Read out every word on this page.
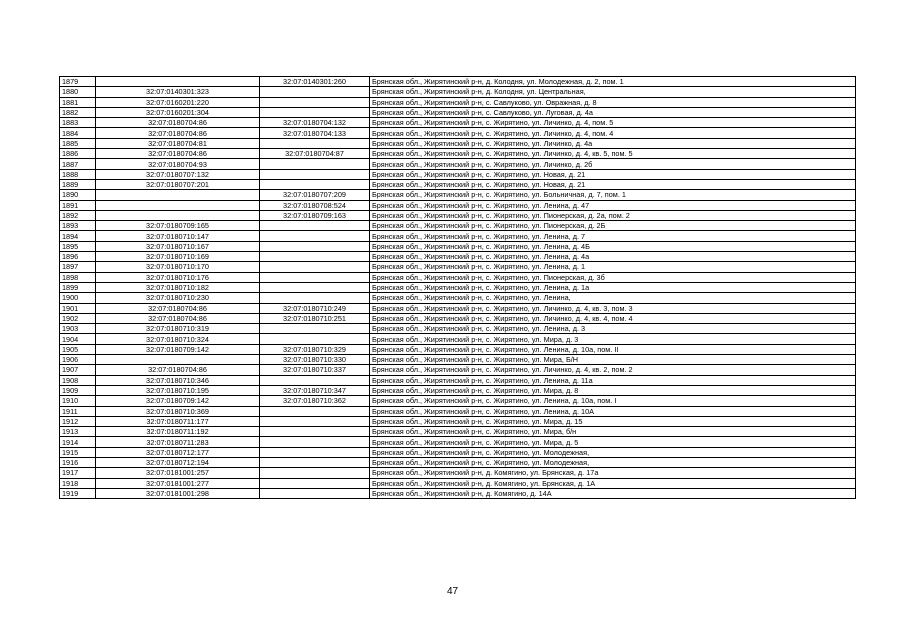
1879		32:07:0140301:260	Брянская обл., Жирятинский р-н, д. Колодня, ул. Молодежная, д. 2, пом. 1
1880	32:07:0140301:323		Брянская обл., Жирятинский р-н, д. Колодня, ул. Центральная,
1881	32:07:0160201:220		Брянская обл., Жирятинский р-н, с. Савлуково, ул. Овражная, д. 8
1882	32:07:0160201:304		Брянская обл., Жирятинский р-н, с. Савлуково, ул. Луговая, д. 4а
1883	32:07:0180704:86	32:07:0180704:132	Брянская обл., Жирятинский р-н, с. Жирятино, ул. Личинко, д. 4, пом. 5
1884	32:07:0180704:86	32:07:0180704:133	Брянская обл., Жирятинский р-н, с. Жирятино, ул. Личинко, д. 4, пом. 4
1885	32:07:0180704:81		Брянская обл., Жирятинский р-н, с. Жирятино, ул. Личинко, д. 4а
1886	32:07:0180704:86	32:07:0180704:87	Брянская обл., Жирятинский р-н, с. Жирятино, ул. Личинко, д. 4, кв. 5, пом. 5
1887	32:07:0180704:93		Брянская обл., Жирятинский р-н, с. Жирятино, ул. Личинко, д. 2б
1888	32:07:0180707:132		Брянская обл., Жирятинский р-н, с. Жирятино, ул. Новая, д. 21
1889	32:07:0180707:201		Брянская обл., Жирятинский р-н, с. Жирятино, ул. Новая, д. 21
1890		32:07:0180707:209	Брянская обл., Жирятинский р-н, с. Жирятино, ул. Больничная, д. 7, пом. 1
1891		32:07:0180708:524	Брянская обл., Жирятинский р-н, с. Жирятино, ул. Ленина, д. 47
1892		32:07:0180709:163	Брянская обл., Жирятинский р-н, с. Жирятино, ул. Пионерская, д. 2а, пом. 2
1893	32:07:0180709:165		Брянская обл., Жирятинский р-н, с. Жирятино, ул. Пионерская, д. 2Б
1894	32:07:0180710:147		Брянская обл., Жирятинский р-н, с. Жирятино, ул. Ленина, д. 7
1895	32:07:0180710:167		Брянская обл., Жирятинский р-н, с. Жирятино, ул. Ленина, д. 4Б
1896	32:07:0180710:169		Брянская обл., Жирятинский р-н, с. Жирятино, ул. Ленина, д. 4а
1897	32:07:0180710:170		Брянская обл., Жирятинский р-н, с. Жирятино, ул. Ленина, д. 1
1898	32:07:0180710:176		Брянская обл., Жирятинский р-н, с. Жирятино, ул. Пионерская, д. 3б
1899	32:07:0180710:182		Брянская обл., Жирятинский р-н, с. Жирятино, ул. Ленина, д. 1а
1900	32:07:0180710:230		Брянская обл., Жирятинский р-н, с. Жирятино, ул. Ленина,
1901	32:07:0180704:86	32:07:0180710:249	Брянская обл., Жирятинский р-н, с. Жирятино, ул. Личинко, д. 4, кв. 3, пом. 3
1902	32:07:0180704:86	32:07:0180710:251	Брянская обл., Жирятинский р-н, с. Жирятино, ул. Личинко, д. 4, кв. 4, пом. 4
1903	32:07:0180710:319		Брянская обл., Жирятинский р-н, с. Жирятино, ул. Ленина, д. 3
1904	32:07:0180710:324		Брянская обл., Жирятинский р-н, с. Жирятино, ул. Мира, д. 3
1905	32:07:0180709:142	32:07:0180710:329	Брянская обл., Жирятинский р-н, с. Жирятино, ул. Ленина, д. 10а, пом. II
1906		32:07:0180710:330	Брянская обл., Жирятинский р-н, с. Жирятино, ул. Мира, Б/Н
1907	32:07:0180704:86	32:07:0180710:337	Брянская обл., Жирятинский р-н, с. Жирятино, ул. Личинко, д. 4, кв. 2, пом. 2
1908	32:07:0180710:346		Брянская обл., Жирятинский р-н, с. Жирятино, ул. Ленина, д. 11а
1909	32:07:0180710:195	32:07:0180710:347	Брянская обл., Жирятинский р-н, с. Жирятино, ул. Мира, д. 8
1910	32:07:0180709:142	32:07:0180710:362	Брянская обл., Жирятинский р-н, с. Жирятино, ул. Ленина, д. 10а, пом. I
1911	32:07:0180710:369		Брянская обл., Жирятинский р-н, с. Жирятино, ул. Ленина, д. 10А
1912	32:07:0180711:177		Брянская обл., Жирятинский р-н, с. Жирятино, ул. Мира, д. 15
1913	32:07:0180711:192		Брянская обл., Жирятинский р-н, с. Жирятино, ул. Мира, б/н
1914	32:07:0180711:283		Брянская обл., Жирятинский р-н, с. Жирятино, ул. Мира, д. 5
1915	32:07:0180712:177		Брянская обл., Жирятинский р-н, с. Жирятино, ул. Молодежная,
1916	32:07:0180712:194		Брянская обл., Жирятинский р-н, с. Жирятино, ул. Молодежная,
1917	32:07:0181001:257		Брянская обл., Жирятинский р-н, д. Комягино, ул. Брянская, д. 17а
1918	32:07:0181001:277		Брянская обл., Жирятинский р-н, д. Комягино, ул. Брянская, д. 1А
1919	32:07:0181001:298		Брянская обл., Жирятинский р-н, д. Комягино, д. 14А
47
